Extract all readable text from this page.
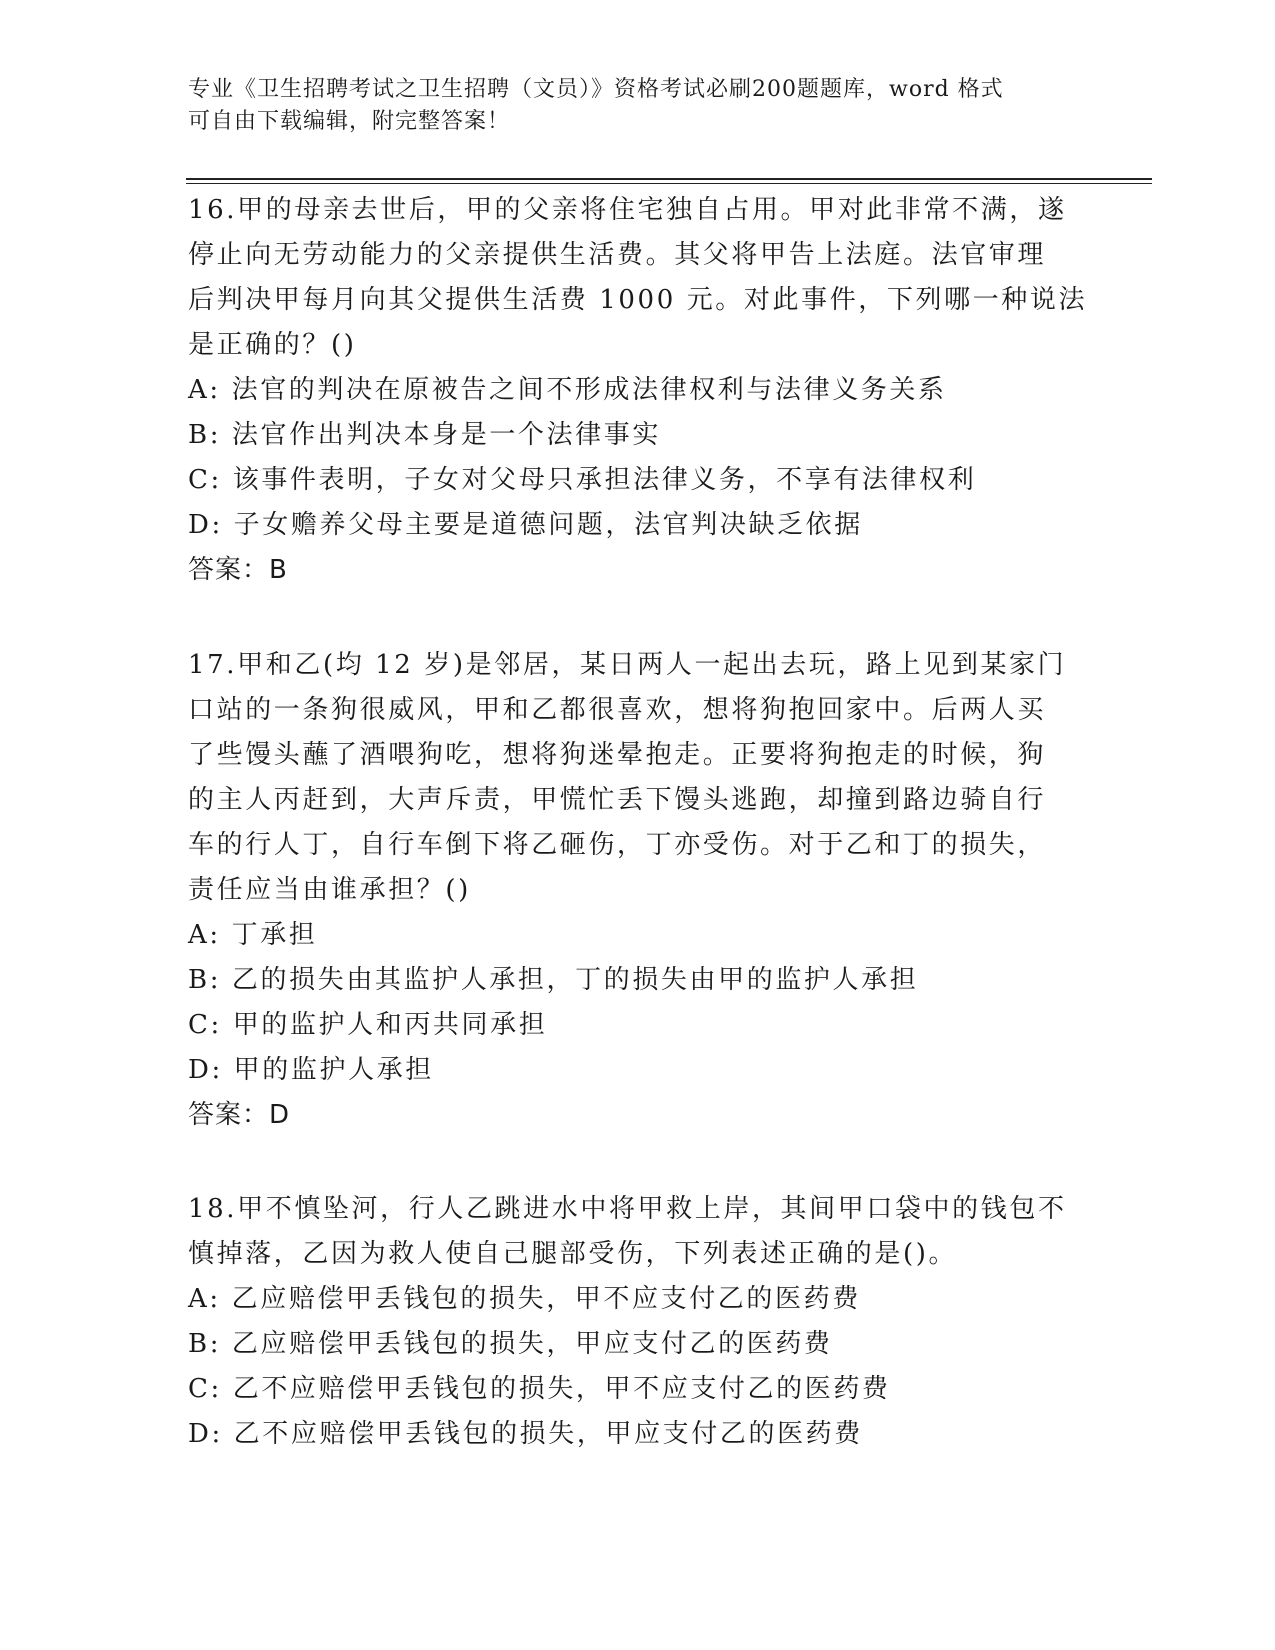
专业《卫生招聘考试之卫生招聘（文员）》资格考试必刷200题题库，word 格式
可自由下载编辑，附完整答案！
16.甲的母亲去世后，甲的父亲将住宅独自占用。甲对此非常不满，遂
停止向无劳动能力的父亲提供生活费。其父将甲告上法庭。法官审理
后判决甲每月向其父提供生活费 1000 元。对此事件，下列哪一种说法
是正确的？()
A: 法官的判决在原被告之间不形成法律权利与法律义务关系
B: 法官作出判决本身是一个法律事实
C: 该事件表明，子女对父母只承担法律义务，不享有法律权利
D: 子女赡养父母主要是道德问题，法官判决缺乏依据
答案：B
17.甲和乙(均 12 岁)是邻居，某日两人一起出去玩，路上见到某家门
口站的一条狗很威风，甲和乙都很喜欢，想将狗抱回家中。后两人买
了些馒头蘸了酒喂狗吃，想将狗迷晕抱走。正要将狗抱走的时候，狗
的主人丙赶到，大声斥责，甲慌忙丢下馒头逃跑，却撞到路边骑自行
车的行人丁，自行车倒下将乙砸伤，丁亦受伤。对于乙和丁的损失，
责任应当由谁承担？()
A: 丁承担
B: 乙的损失由其监护人承担，丁的损失由甲的监护人承担
C: 甲的监护人和丙共同承担
D: 甲的监护人承担
答案：D
18.甲不慎坠河，行人乙跳进水中将甲救上岸，其间甲口袋中的钱包不
慎掉落，乙因为救人使自己腿部受伤，下列表述正确的是()。
A: 乙应赔偿甲丢钱包的损失，甲不应支付乙的医药费
B: 乙应赔偿甲丢钱包的损失，甲应支付乙的医药费
C: 乙不应赔偿甲丢钱包的损失，甲不应支付乙的医药费
D: 乙不应赔偿甲丢钱包的损失，甲应支付乙的医药费
